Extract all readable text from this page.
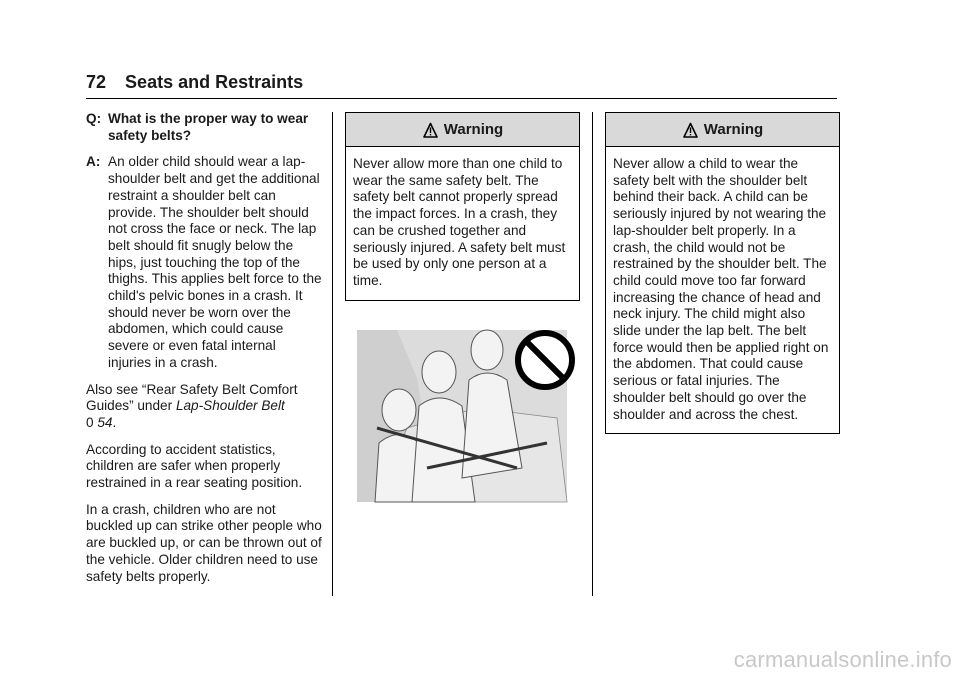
72 Seats and Restraints
Q: What is the proper way to wear safety belts?
A: An older child should wear a lap-shoulder belt and get the additional restraint a shoulder belt can provide. The shoulder belt should not cross the face or neck. The lap belt should fit snugly below the hips, just touching the top of the thighs. This applies belt force to the child's pelvic bones in a crash. It should never be worn over the abdomen, which could cause severe or even fatal internal injuries in a crash.

Also see “Rear Safety Belt Comfort Guides” under Lap-Shoulder Belt
0 54.

According to accident statistics, children are safer when properly restrained in a rear seating position.

In a crash, children who are not buckled up can strike other people who are buckled up, or can be thrown out of the vehicle. Older children need to use safety belts properly.

Warning
Never allow more than one child to wear the same safety belt. The safety belt cannot properly spread the impact forces. In a crash, they can be crushed together and seriously injured. A safety belt must be used by only one person at a time.
Warning
Never allow a child to wear the safety belt with the shoulder belt behind their back. A child can be seriously injured by not wearing the lap-shoulder belt properly. In a crash, the child would not be restrained by the shoulder belt. The child could move too far forward increasing the chance of head and neck injury. The child might also slide under the lap belt. The belt force would then be applied right on the abdomen. That could cause serious or fatal injuries. The shoulder belt should go over the shoulder and across the chest.
carmanualsonline.info
